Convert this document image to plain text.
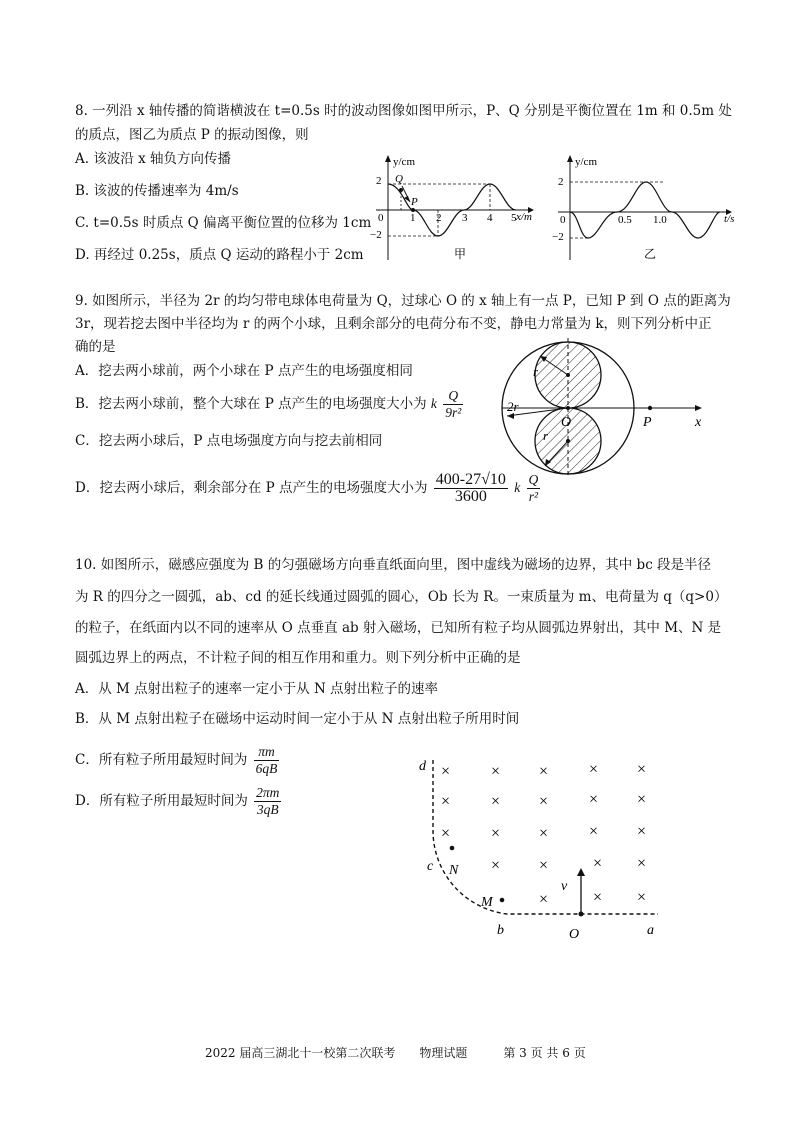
8. 一列沿 x 轴传播的简谐横波在 t=0.5s 时的波动图像如图甲所示，P、Q 分别是平衡位置在 1m 和 0.5m 处
的质点，图乙为质点 P 的振动图像，则
A. 该波沿 x 轴负方向传播
B. 该波的传播速率为 4m/s
C. t=0.5s 时质点 Q 偏离平衡位置的位移为 1cm
D. 再经过 0.25s，质点 Q 运动的路程小于 2cm
y/cm
x/m
2
−2
0 1 2 3 4 5
Q
P
甲
y/cm
t/s
2
−2
0	0.5 1.0
乙
9. 如图所示，半径为 2r 的均匀带电球体电荷量为 Q，过球心 O 的 x 轴上有一点 P，已知 P 到 O 点的距离为
3r，现若挖去图中半径均为 r 的两个小球，且剩余部分的电荷分布不变，静电力常量为 k，则下列分析中正
确的是
A．挖去两小球前，两个小球在 P 点产生的电场强度相同
B．挖去两小球前，整个大球在 P 点产生的电场强度大小为 k $\frac{Q}{\text{9r²}}$
C．挖去两小球后，P 点电场强度方向与挖去前相同
D．挖去两小球后，剩余部分在 P 点产生的电场强度大小为 $\frac{400-27√10}{3600}$ k $\frac{Q}{\text{r²}}$
r
r
2r
O	P	x
10. 如图所示，磁感应强度为 B 的匀强磁场方向垂直纸面向里，图中虚线为磁场的边界，其中 bc 段是半径
为 R 的四分之一圆弧，ab、cd 的延长线通过圆弧的圆心，Ob 长为 R。一束质量为 m、电荷量为 q（q>0）
的粒子，在纸面内以不同的速率从 O 点垂直 ab 射入磁场，已知所有粒子均从圆弧边界射出，其中 M、N 是
圆弧边界上的两点，不计粒子间的相互作用和重力。则下列分析中正确的是
A．从 M 点射出粒子的速率一定小于从 N 点射出粒子的速率
B．从 M 点射出粒子在磁场中运动时间一定小于从 N 点射出粒子所用时间
C．所有粒子所用最短时间为 $\frac{\pi m}{6qB}$
D．所有粒子所用最短时间为 $\frac{2\pi m}{3qB}$
×	× ×	× ×
×	× ×	× ×
×	× ×	× ×
× ×	× ×
×	× ×
d
c N
M
b	O	a
v
2022 届高三湖北十一校第二次联考　　物理试题　　　第 3 页 共 6 页
